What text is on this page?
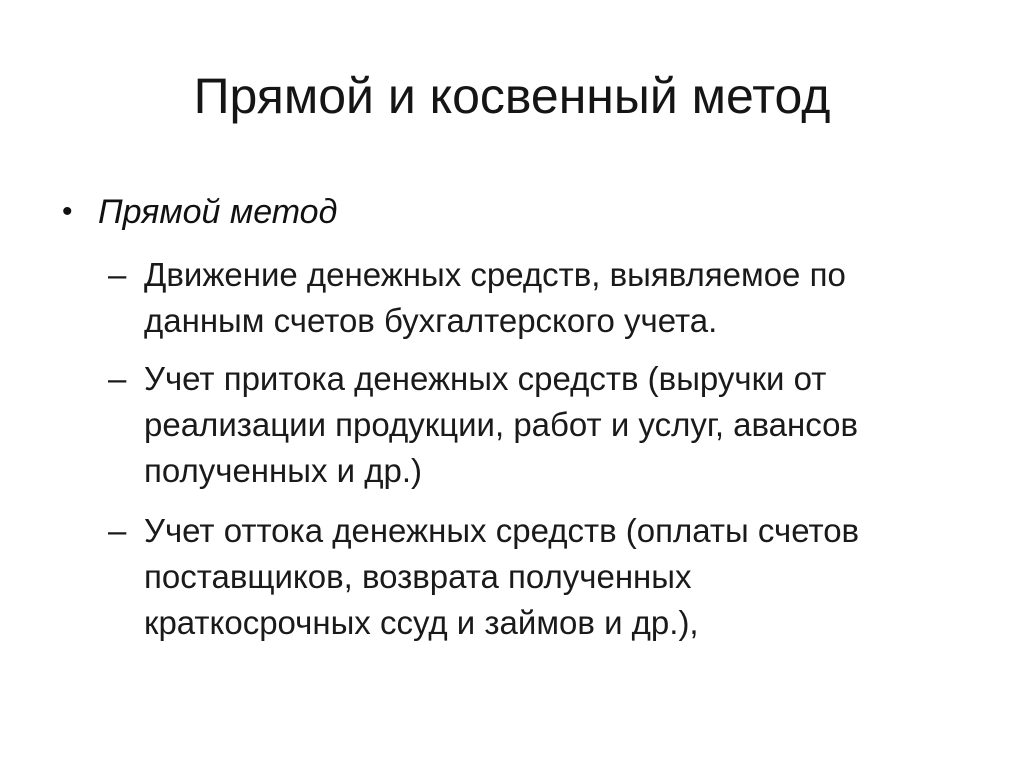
Прямой и косвенный метод
• Прямой метод
– Движение денежных средств, выявляемое по
данным счетов бухгалтерского учета.
– Учет притока денежных средств (выручки от
реализации продукции, работ и услуг, авансов
полученных и др.)
– Учет оттока денежных средств (оплаты счетов
поставщиков, возврата полученных
краткосрочных ссуд и займов и др.),
